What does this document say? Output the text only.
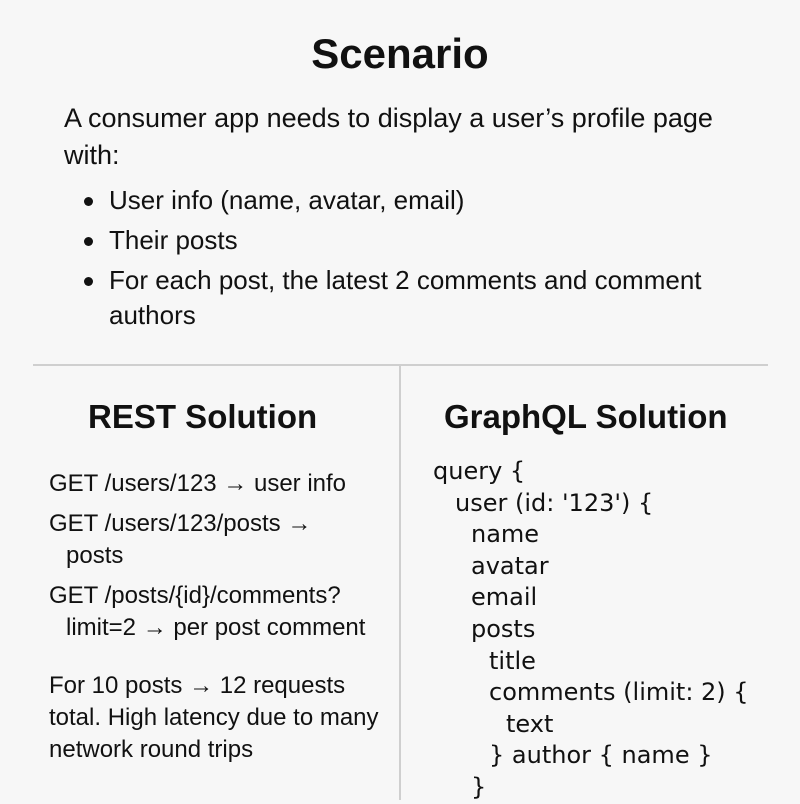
Scenario

A consumer app needs to display a user’s profile page with:

User info (name, avatar, email)
Their posts
For each post, the latest 2 comments and comment authors
REST Solution	GraphQL Solution
GET /users/123 → user info
GET /users/123/posts →
posts
GET /posts/{id}/comments?
limit=2 → per post comment

For 10 posts → 12 requests total. High latency due to many network round trips

query {
user (id: '123') {
name
avatar
email
posts
title
comments (limit: 2) {
text
} author { name }
}
